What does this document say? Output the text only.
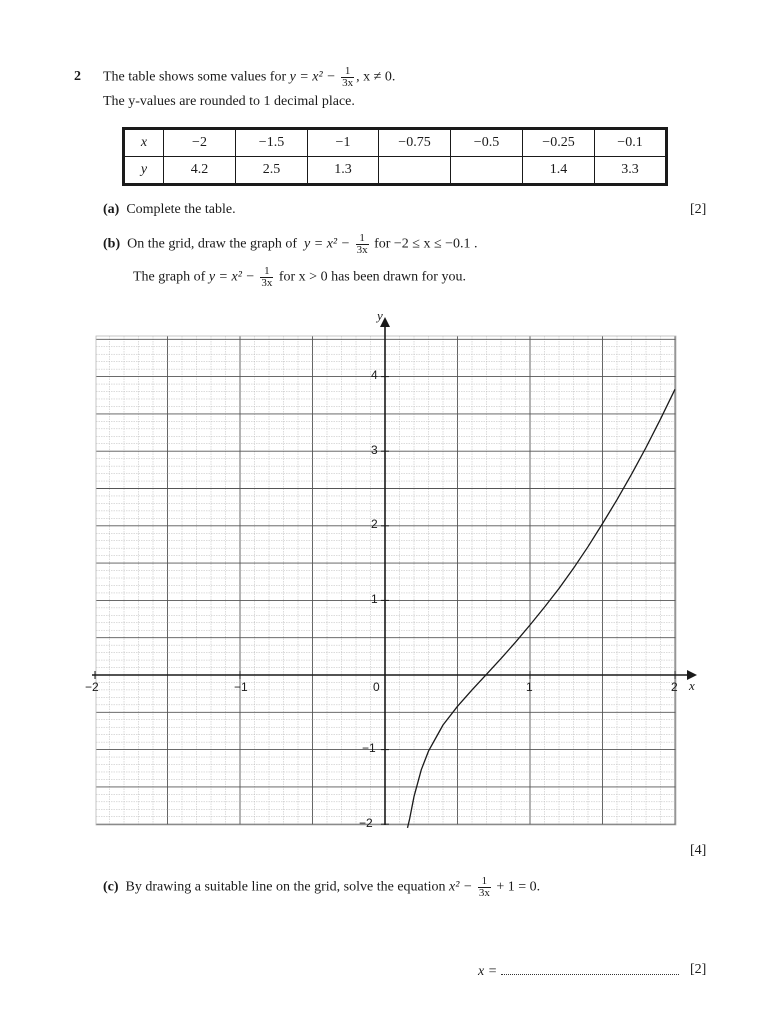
2 The table shows some values for $y = x^2 - \frac{1}{3x}$ , x ≠ 0.
The y-values are rounded to 1 decimal place.
x	−2	−1.5	−1	−0.75	−0.5	−0.25	−0.1
y	4.2	2.5	1.3			1.4	3.3
(a) Complete the table.	[2]
(b) On the grid, draw the graph of $y = x^2 - \frac{1}{3x}$ for −2 ≤ x ≤ −0.1 .
The graph of $y = x^2 - \frac{1}{3x}$ for x > 0 has been drawn for you.
y
x
−2	−1	0	1	2
−2
−1
1
2
3
4
[4]
(c) By drawing a suitable line on the grid, solve the equation $x^2 - \frac{1}{3x} + 1 = 0$.
x =	[2]
